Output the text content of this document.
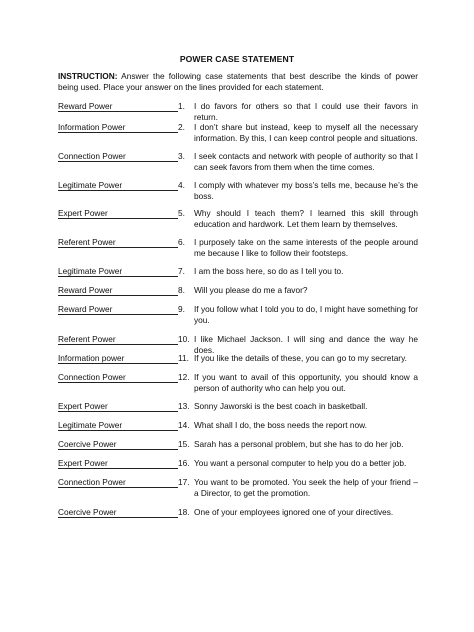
POWER CASE STATEMENT
INSTRUCTION: Answer the following case statements that best describe the kinds of power being used. Place your answer on the lines provided for each statement.
Reward Power	1. I do favors for others so that I could use their favors in return.
Information Power	2. I don’t share but instead, keep to myself all the necessary information. By this, I can keep control people and situations.
Connection Power	3. I seek contacts and network with people of authority so that I can seek favors from them when the time comes.
Legitimate Power	4. I comply with whatever my boss’s tells me, because he’s the boss.
Expert Power	5. Why should I teach them? I learned this skill through education and hardwork. Let them learn by themselves.
Referent Power	6. I purposely take on the same interests of the people around me because I like to follow their footsteps.
Legitimate Power	7. I am the boss here, so do as I tell you to.
Reward Power	8. Will you please do me a favor?
Reward Power	9. If you follow what I told you to do, I might have something for you.
Referent Power	10. I like Michael Jackson. I will sing and dance the way he does.
Information power	11. If you like the details of these, you can go to my secretary.
Connection Power	12. If you want to avail of this opportunity, you should know a person of authority who can help you out.
Expert Power	13. Sonny Jaworski is the best coach in basketball.
Legitimate Power	14. What shall I do, the boss needs the report now.
Coercive Power	15. Sarah has a personal problem, but she has to do her job.
Expert Power	16. You want a personal computer to help you do a better job.
Connection Power	17. You want to be promoted. You seek the help of your friend – a Director, to get the promotion.
Coercive Power	18. One of your employees ignored one of your directives.
